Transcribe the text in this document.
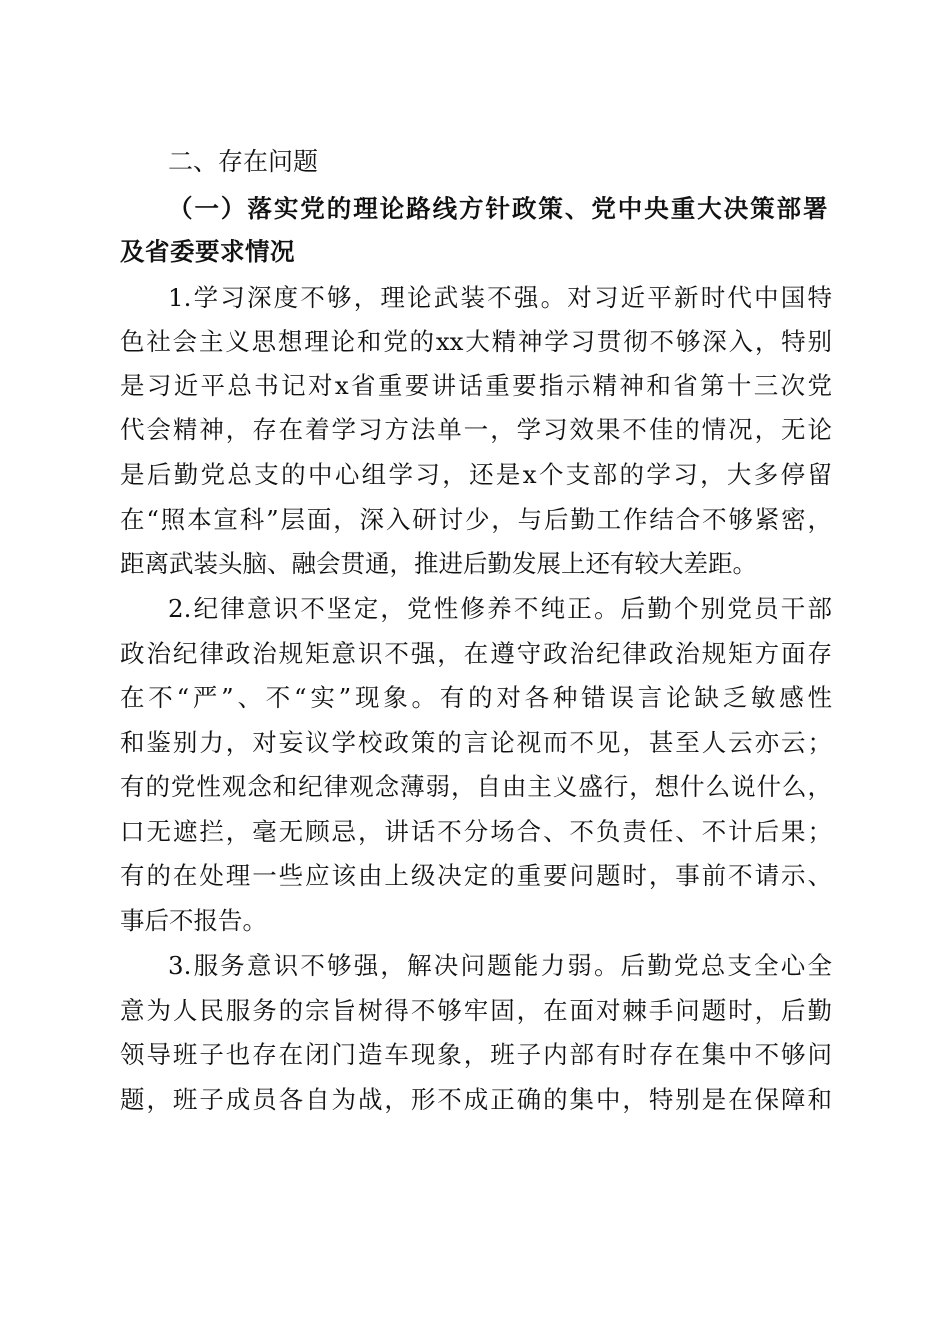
二、存在问题

（一）落实党的理论路线方针政策、党中央重大决策部署

及省委要求情况

1.学习深度不够，理论武装不强。对习近平新时代中国特

色社会主义思想理论和党的xx大精神学习贯彻不够深入，特别

是习近平总书记对x省重要讲话重要指示精神和省第十三次党

代会精神，存在着学习方法单一，学习效果不佳的情况，无论

是后勤党总支的中心组学习，还是x个支部的学习，大多停留

在“照本宣科”层面，深入研讨少，与后勤工作结合不够紧密，

距离武装头脑、融会贯通，推进后勤发展上还有较大差距。

2.纪律意识不坚定，党性修养不纯正。后勤个别党员干部

政治纪律政治规矩意识不强，在遵守政治纪律政治规矩方面存

在不“严”、不“实”现象。有的对各种错误言论缺乏敏感性

和鉴别力，对妄议学校政策的言论视而不见，甚至人云亦云；

有的党性观念和纪律观念薄弱，自由主义盛行，想什么说什么，

口无遮拦，毫无顾忌，讲话不分场合、不负责任、不计后果；

有的在处理一些应该由上级决定的重要问题时，事前不请示、

事后不报告。

3.服务意识不够强，解决问题能力弱。后勤党总支全心全

意为人民服务的宗旨树得不够牢固，在面对棘手问题时，后勤

领导班子也存在闭门造车现象，班子内部有时存在集中不够问

题，班子成员各自为战，形不成正确的集中，特别是在保障和
